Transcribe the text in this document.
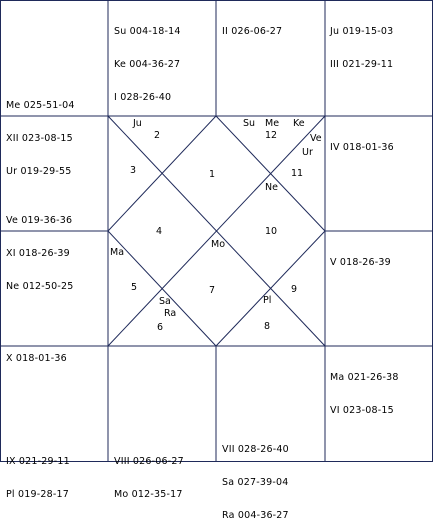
Me 025-51-04

XII 023-08-15

Ur 019-29-55

Su 004-18-14

Ke 004-36-27

I 028-26-40

II 026-06-27

	Ju 019-15-03

III 021-29-11

Ve 019-36-36

XI 018-26-39

Ne 012-50-25

IV 018-01-36

X 018-01-36

V 018-26-39

IX 021-29-11

Pl 019-28-17

VIII 026-06-27

Mo 012-35-17

VII 028-26-40

Sa 027-39-04

Ra 004-36-27

Ma 021-26-38

VI 023-08-15

2
3	1
12
11
4	10
5	7	9
6	8
Ju	Su Me Ke
Ve
Ur
Ne
Mo
Ma
Sa
Ra
Pl
